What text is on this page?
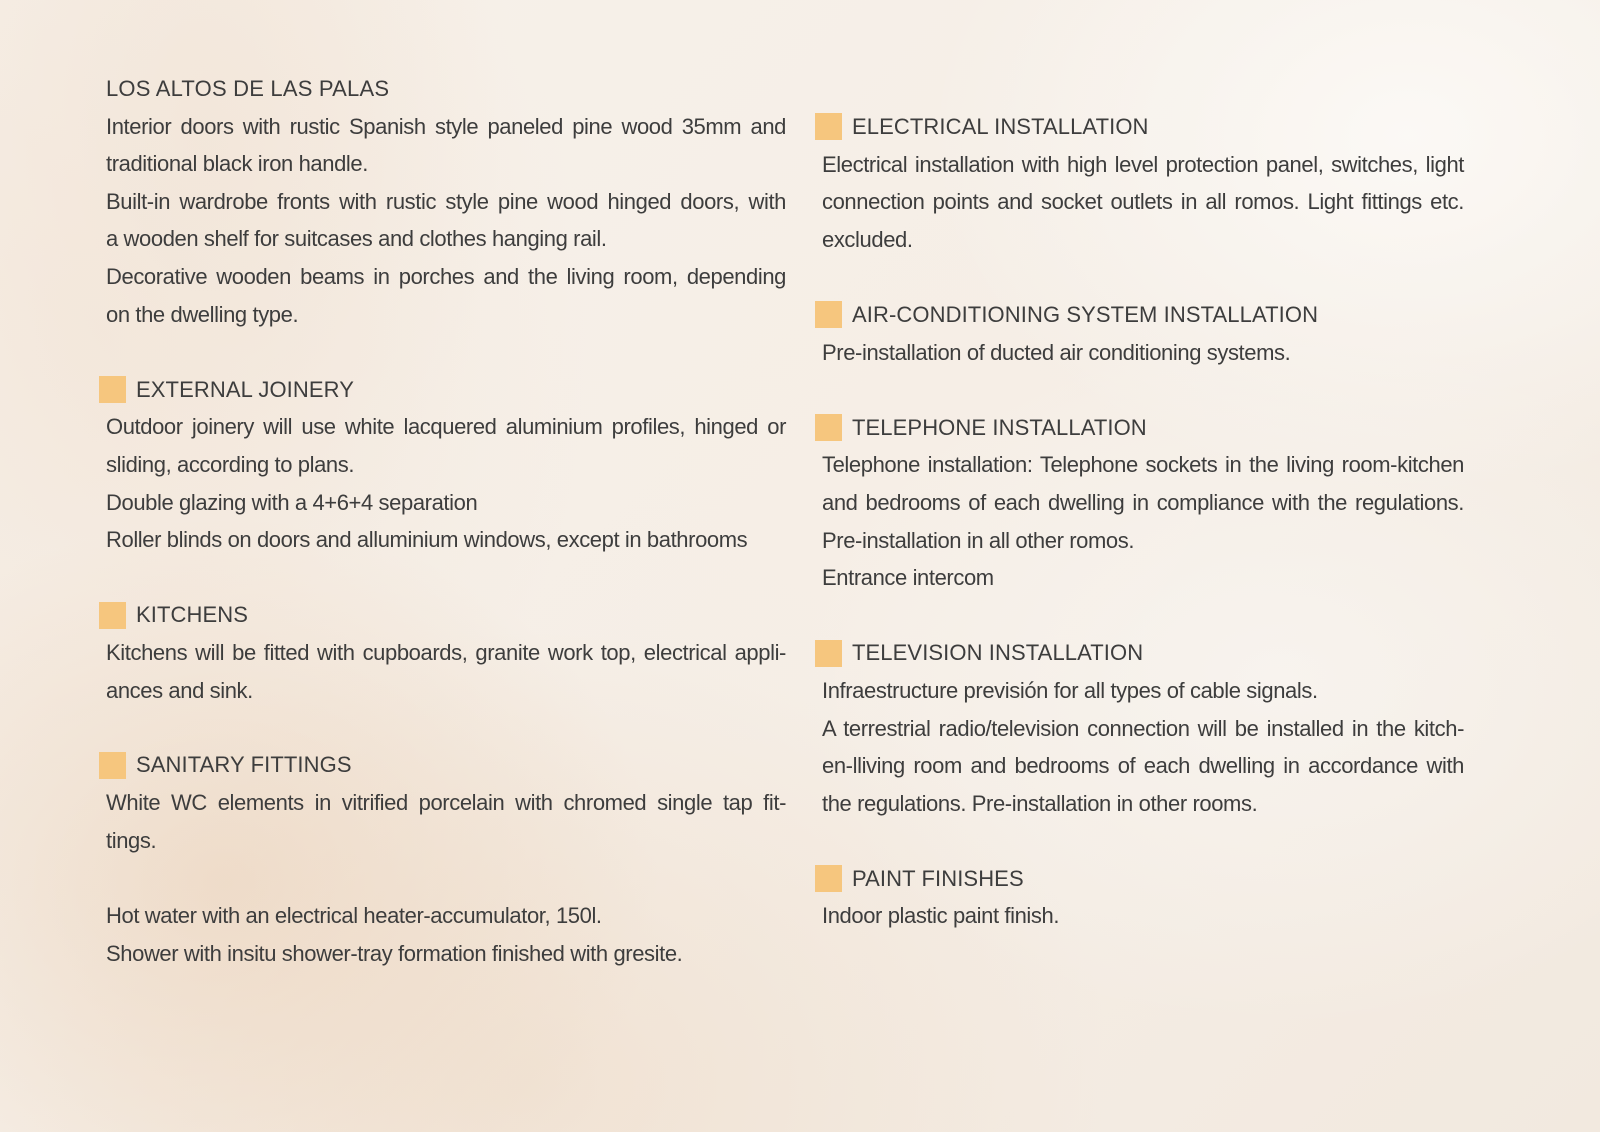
LOS ALTOS DE LAS PALAS
Interior doors with rustic Spanish style paneled pine wood 35mm and
traditional black iron handle.
Built-in wardrobe fronts with rustic style pine wood hinged doors, with
a wooden shelf for suitcases and clothes hanging rail.
Decorative wooden beams in porches and the living room, depending
on the dwelling type.
EXTERNAL JOINERY
Outdoor joinery will use white lacquered aluminium profiles, hinged or
sliding, according to plans.
Double glazing with a 4+6+4 separation
Roller blinds on doors and alluminium windows, except in bathrooms
KITCHENS
Kitchens will be fitted with cupboards, granite work top, electrical appli-
ances and sink.
SANITARY FITTINGS
White WC elements in vitrified porcelain with chromed single tap fit-
tings.
Hot water with an electrical heater-accumulator, 150l.
Shower with insitu shower-tray formation finished with gresite.
ELECTRICAL INSTALLATION
Electrical installation with high level protection panel, switches, light
connection points and socket outlets in all romos. Light fittings etc.
excluded.
AIR-CONDITIONING SYSTEM INSTALLATION
Pre-installation of ducted air conditioning systems.
TELEPHONE INSTALLATION
Telephone installation: Telephone sockets in the living room-kitchen
and bedrooms of each dwelling in compliance with the regulations.
Pre-installation in all other romos.
Entrance intercom
TELEVISION INSTALLATION
Infraestructure previsión for all types of cable signals.
A terrestrial radio/television connection will be installed in the kitch-
en-lliving room and bedrooms of each dwelling in accordance with
the regulations. Pre-installation in other rooms.
PAINT FINISHES
Indoor plastic paint finish.
